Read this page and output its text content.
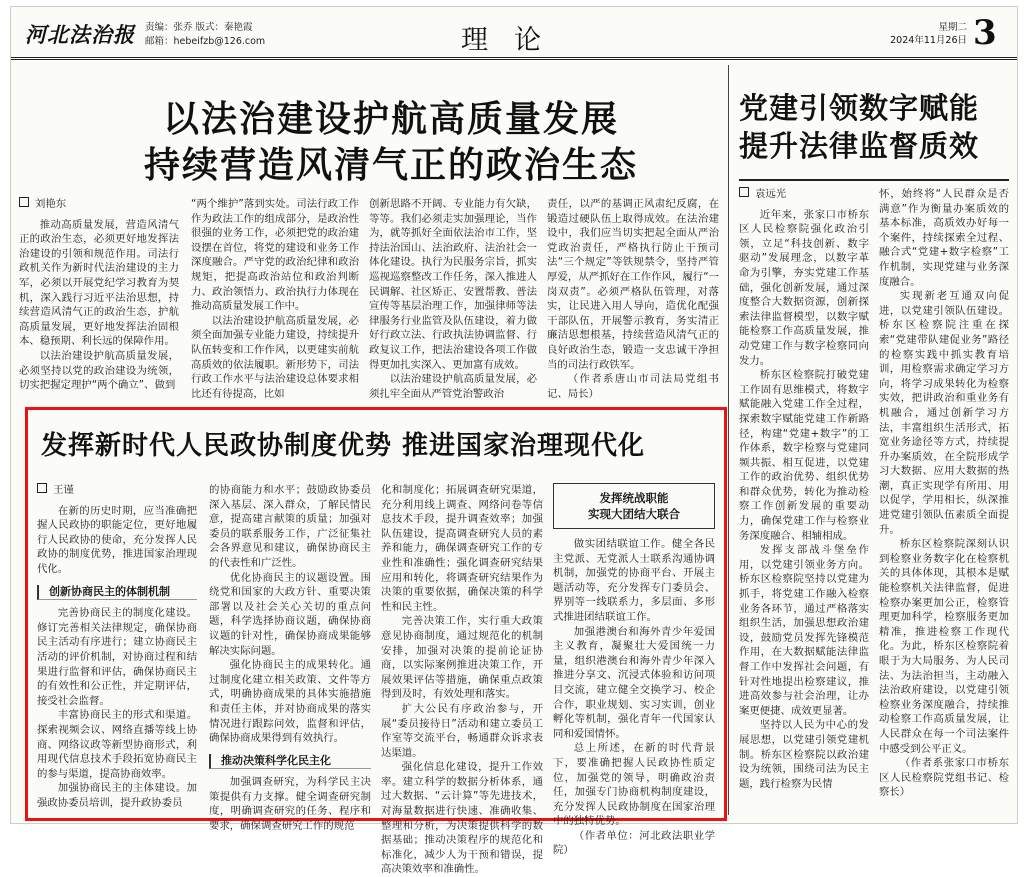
河北法治报 责编：张乔 版式：秦艳霞
邮箱：hebeifzb@126.com	理论	星期二
2024年11月26日 3
以法治建设护航高质量发展
持续营造风清气正的政治生态
刘艳东

推动高质量发展，营造风清气正的政治生态，必须更好地发挥法治建设的引领和规范作用。司法行政机关作为新时代法治建设的主力军，必须以开展党纪学习教育为契机，深入践行习近平法治思想，持续营造风清气正的政治生态，护航高质量发展，更好地发挥法治固根本、稳预期、利长远的保障作用。

以法治建设护航高质量发展，必须坚持以党的政治建设为统领，切实把握定理护“两个确立”、做到

“两个维护”落到实处。司法行政工作作为政法工作的组成部分，是政治性很强的业务工作，必须把党的政治建设摆在首位，将党的建设和业务工作深度融合。严守党的政治纪律和政治规矩，把提高政治站位和政治判断力、政治领悟力、政治执行力体现在推动高质量发展工作中。

以法治建设护航高质量发展，必须全面加强专业能力建设，持续提升队伍转变和工作作风，以更建实前航高质效的依法履职。新形势下，司法行政工作水平与法治建设总体要求相比还有待提高，比如

创新思路不开阔、专业能力有欠缺，等等。我们必须走实加强理论，当作为，就等抓好全面依法治市工作，坚持法治国山、法治政府、法治社会一体化建设。执行为民服务宗旨，抓实巡视巡察整改工作任务，深入推进人民调解、社区矫正、安置帮教、普法宣传等基层治理工作，加强律师等法律服务行业监管及队伍建设，着力做好行政立法、行政执法协调监督、行政复议工作，把法治建设各项工作做得更加扎实深入、更加富有成效。

以法治建设护航高质量发展，必须扎牢全面从严管党治警政治

责任，以严的基调正风肃纪反腐，在锻造过硬队伍上取得成效。在法治建设中，我们应当切实把起全面从严治党政治责任，严格执行防止干预司法“三个规定”等铁规禁令，坚持严管厚爱，从严抓好在工作作风，履行“一岗双责”。必须严格队伍管理，对落实，让民进入用人导向，造优化配强干部队伍，开展警示教育，务实清正廉洁思想根基，持续营造风清气正的良好政治生态，锻造一支忠诚干净担当的司法行政铁军。

（作者系唐山市司法局党组书记、局长）

党建引领数字赋能
提升法律监督质效
袁远光

近年来，张家口市桥东区人民检察院强化政治引领，立足“科技创新、数字驱动”发展理念，以数字革命为引擎，夯实党建工作基础，强化创新发展，通过深度整合大数据资源，创新探索法律监督模型，以数字赋能检察工作高质量发展，推动党建工作与数字检察同向发力。

桥东区检察院打破党建工作固有思维模式，将数字赋能融入党建工作全过程，探索数字赋能党建工作新路径，构建“党建+数字”的工作体系，数字检察与党建同频共振、相互促进，以党建工作的政治优势、组织优势和群众优势，转化为推动检察工作创新发展的重要动力，确保党建工作与检察业务深度融合、相辅相成。

发挥支部战斗堡垒作用，以党建引领业务方向。桥东区检察院坚持以党建为抓手，将党建工作融入检察业务各环节，通过严格落实组织生活，加强思想政治建设，鼓励党员发挥先锋模范作用，在大数据赋能法律监督工作中发挥社会问题，有针对性地提出检察建议，推进高效参与社会治理，让办案更便捷、成效更显著。

坚持以人民为中心的发展思想，以党建引领党建机制。桥东区检察院以政治建设为统领，围绕司法为民主题，践行检察为民情

怀，始终将“人民群众是否满意”作为衡量办案质效的基本标准，高质效办好每一个案件，持续探索全过程、融合式“党建+数字检察”工作机制，实现党建与业务深度融合。

实现新老互通双向促进，以党建引领队伍建设。桥东区检察院注重在探索“党建带队建促业务”路径的检察实践中抓实教育培训，用检察需求确定学习方向，将学习成果转化为检察实效，把讲政治和重业务有机融合，通过创新学习方法，丰富组织生活形式，拓宽业务途径等方式，持续提升办案质效，在全院形成学习大数据、应用大数据的热潮，真正实现学有所用、用以促学，学用相长，纵深推进党建引领队伍素质全面提升。

桥东区检察院深刻认识到检察业务数字化在检察机关的具体体现，其根本是赋能检察机关法律监督，促进检察办案更加公正，检察管理更加科学，检察服务更加精准，推进检察工作现代化。为此，桥东区检察院着眼于为大局服务、为人民司法、为法治担当，主动融入法治政府建设，以党建引领检察业务深度融合，持续推动检察工作高质量发展，让人民群众在每一个司法案件中感受到公平正义。

（作者系张家口市桥东区人民检察院党组书记、检察长）

发挥新时代人民政协制度优势 推进国家治理现代化
王谨

在新的历史时期，应当准确把握人民政协的职能定位，更好地履行人民政协的使命，充分发挥人民政协的制度优势，推进国家治理现代化。

创新协商民主的体制机制

完善协商民主的制度化建设。修订完善相关法律规定，确保协商民主活动有序进行；建立协商民主活动的评价机制，对协商过程和结果进行监督和评估，确保协商民主的有效性和公正性，并定期评估，接受社会监督。

丰富协商民主的形式和渠道。探索视频会议、网络直播等线上协商、网络议政等新型协商形式，利用现代信息技术手段拓宽协商民主的参与渠道，提高协商效率。

加强协商民主的主体建设。加强政协委员培训，提升政协委员

的协商能力和水平；鼓励政协委员深入基层、深入群众，了解民情民意，提高建言献策的质量；加强对委员的联系服务工作，广泛征集社会各界意见和建议，确保协商民主的代表性和广泛性。

优化协商民主的议题设置。围绕党和国家的大政方针、重要决策部署以及社会关心关切的重点问题，科学选择协商议题，确保协商议题的针对性，确保协商成果能够解决实际问题。

强化协商民主的成果转化。通过制度化建立相关政策、文件等方式，明确协商成果的具体实施措施和责任主体，并对协商成果的落实情况进行跟踪问效，监督和评估，确保协商成果得到有效执行。

推动决策科学化民主化

加强调查研究，为科学民主决策提供有力支撑。健全调查研究制度，明确调查研究的任务、程序和要求，确保调查研究工作的规范

化和制度化；拓展调查研究渠道，充分利用线上调查、网络问卷等信息技术手段，提升调查效率；加强队伍建设，提高调查研究人员的素养和能力，确保调查研究工作的专业性和准确性；强化调查研究结果应用和转化，将调查研究结果作为决策的重要依据，确保决策的科学性和民主性。

完善决策工作，实行重大政策意见协商制度，通过规范化的机制安排，加强对决策的提前论证协商，以实际案例推进决策工作，开展效果评估等措施，确保重点政策得到及时，有效处理和落实。

扩大公民有序政治参与，开展“委员接待日”活动和建立委员工作室等交流平台，畅通群众诉求表达渠道。

强化信息化建设，提升工作效率。建立科学的数据分析体系，通过大数据、“云计算”等先进技术，对海量数据进行快速、准确收集、整理和分析，为决策提供科学的数据基础；推动决策程序的规范化和标准化，减少人为干预和错误，提高决策效率和准确性。

发挥统战职能
实现大团结大联合

做实团结联谊工作。健全各民主党派、无党派人士联系沟通协调机制，加强党的协商平台、开展主题活动等，充分发挥专门委员会、界别等一线联系力，多层面、多形式推进团结联谊工作。

加强港澳台和海外青少年爱国主义教育，凝聚壮大爱国统一力量，组织港澳台和海外青少年深入推进分享文、沉浸式体验和访问项目交流，建立健全交换学习、校企合作，职业规划、实习实训，创业孵化等机制，强化青年一代国家认同和爱国情怀。

总上所述，在新的时代背景下，要准确把握人民政协性质定位，加强党的领导，明确政治责任，加强专门协商机构制度建设，充分发挥人民政协制度在国家治理中的独特优势。

（作者单位：河北政法职业学院）
